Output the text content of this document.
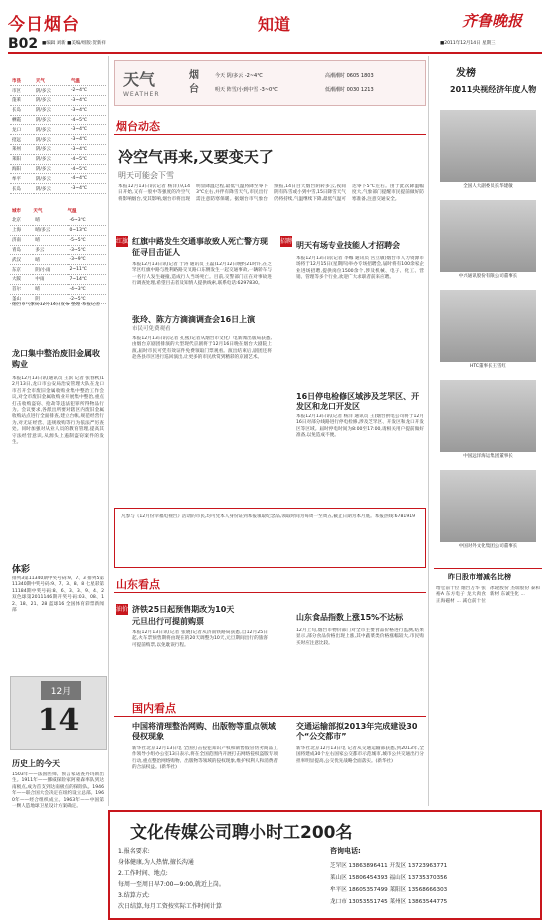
今日烟台	知道	齐鲁晚报
B02 ■编辑 刘新 ■美编/组版:贺新祥	■2011年12月14日 星期三
市县	天气	气温
市区	阴/多云	-2~4℃
蓬莱	阴/多云	-3~4℃
长岛	阴/多云	-3~4℃
栖霞	阴/多云	-4~5℃
龙口	阴/多云	-3~4℃
招远	阴/多云	-3~4℃
莱州	阴/多云	-3~4℃
莱阳	阴/多云	-4~5℃
海阳	阴/多云	-4~5℃
牟平	阴/多云	-4~4℃
长岛	阴/多云	-3~4℃
城市	天气	气温
北京	晴	-6~3℃
上海	晴/多云	0~13℃
济南	晴	-5~5℃
青岛	多云	-3~5℃
武汉	晴	-3~9℃
东京	阴/小雨	2~11℃
大阪	中雨	7~14℃
首尔	晴	-4~3℃
釜山	阴	-2~5℃
烟台市气象局12月14日发布 整理 本报记者
龙口集中整治废旧金属收购业
本报12月13日讯(通讯员 王滨 记者 张春秋)12月13日,龙口市公安局治安管理大队在龙口市召开全市废旧金属收购业集中整治工作会议,对全市废旧金属收购业开展集中整治,重点打击收购盗窃、抢劫等违法犯罪所得物品行为。会议要求,各派出所要对辖区内废旧金属收购站点进行全面排查,建立台帐,规范经营行为,对无证经营、违规收购等行为依法严厉查处。同时加强对从业人员的教育管理,提高其守法经营意识,从源头上遏制盗窃案件的发生。
体彩
排列3第11340期中奖号码:9、7、3 排列5第11340期中奖号码:9、7、3、8、8 七星彩第11184期中奖号码:8、6、3、3、9、4、2 双色球第2011146期开奖号码:03、08、12、18、21、28 蓝球16 全国体育彩票新闻部
12月
14
历史上的今天
1503年——法国医师、预言家诺查丹玛斯出生。1911年——挪威探险家阿蒙森率队到达南极点,成为首支到达南极点的探险队。1946年——联合国大会决定在纽约设立总部。1960年——经合组织成立。1963年——中国第一颗人造地球卫星设计方案确定。
天气
WEATHER
烟台
今天 阴/多云 -2~4℃
明天 阵雪/小到中雪 -3~0℃
高潮潮时 0605 1803
低潮潮时 0030 1213
烟台动态
冷空气再来,又要变天了
明天可能会下雪
本报12月13日讯(记者 杨洋)从14日开始,又有一股中等强度的冷空气将影响烟台,受其影响,烟台市将出现明显降温过程,最低气温将降至零下3℃左右,并伴有降雪天气,市民出行需注意防寒保暖。据烟台市气象台预报,14日白天烟台阴转多云,夜间阴有阵雪或小到中雪,15日降雪天气仍将持续,气温继续下降,最低气温可达零下5℃左右。由于此次降温幅度大,气象部门提醒市民提前做好防寒准备,注意交通安全。
红旗 红旗中路发生交通事故致人死亡警方现征寻目击证人
本报12月13日讯(记者 于涛 通讯员 王磊)12月12日晚约21时许,在芝罘区红旗中路与胜利路路交叉路口东侧发生一起交通事故,一辆轿车与一名行人发生碰撞,造成行人当场死亡。目前,交警部门正在对事故进行调查处理,希望目击者及知情人提供线索,联系电话:6297830。
张玲、陈方方滴滴调查会16日上演
市民可免费观看
本报12月13日讯(记者 孔燕)记者从烟台市文化广电新闻出版局获悉,由烟台京剧团排演的大型现代京剧将于12月16日晚在烟台大剧院上演,届时市民可凭有效证件免费领取门票观看。演出结束后,剧团还将赴各县市区进行巡回演出,让更多的市民欣赏到精彩的京剧艺术。
招聘 明天有场专业技能人才招聘会
本报12月13日讯(记者 李娜 通讯员 宫立敏)烟台市人力资源市场将于12月15日(星期四)举办专场招聘会,届时将有100余家企业进场招聘,提供岗位1500余个,涉及机械、电子、化工、营销、管理等多个行业,欢迎广大求职者前来应聘。
16日停电检修区域涉及芝罘区、开发区和龙口开发区
本报12月13日讯(记者 杨洋 通讯员 王)烟台供电公司将于12月16日对部分线路进行停电检修,涉及芝罘区、开发区和龙口开发区等区域。届时停电时间为8:00至17:00,请相关用户提前做好准备,以免造成不便。
凡参与《12月份幸福电视台》活动的市民,均可凭本人身份证到本报领取纪念品,领取时间为每周一至周五,截止日期为本月底。本报热线:6781919
山东看点
油价 济铁25日起预售期改为10天
元旦出行可提前购票
本报12月13日讯(记者 张晓)记者从济南铁路局获悉,自12月25日起,火车票预售期将由现在的20天调整为10天,元旦期间出行的旅客可提前购票,以免耽误行程。
山东食品指数上涨15%不达标
12月上旬,烟台市物价部门对全市主要食品价格进行监测,结果显示,部分食品价格出现上涨,其中蔬菜类价格涨幅较大,市民购买时应注意比较。
国内看点
中国将清理整治网购、出版物等重点领域侵权现象
新华社北京12月13日电 全国打击侵犯知识产权和制售假冒伪劣商品工作领导小组办公室13日表示,将在全国范围内开展打击网络侵权盗版专项行动,重点整治网络购物、出版物等领域的侵权现象,维护权利人和消费者的合法权益。(新华社)
交通运输部拟2013年完成建设30个“公交都市”
新华社北京12月13日电 记者从交通运输部获悉,到2013年,全国将建成30个左右国家公交都市示范城市,城市公共交通出行分担率明显提高,公交优先战略全面落实。(新华社)
发榜
2011央视经济年度人物
全国人大副委员长华建敏
中兴通讯股份有限公司董事长
HTC董事长王雪红
中国远洋海运集团董事长
中国对外文化集团公司董事长
昨日股市增减名比榜
增仓前十位 烟台万华 张裕A 东方电子 龙大肉食 正海磁材 ... 减仓前十位 冰轮股份 杰瑞股份 泰和新材 东诚生化 ...
文化传媒公司聘小时工200名
1.报名要求:
身体健康,为人热情,擅长沟通
2.工作时间、地点:
每周一至周日早7:00—9:00,就近上岗。
3.结算方式:
次日结算,每月工资按实际工作时间计算
咨询电话:
芝罘区 13863896411 开发区 13723963771
莱山区 15806454393 福山区 13735370356
牟平区 18605357499 莱阳区 13568666303
龙口市 13053551745 莱州区 13863544775
